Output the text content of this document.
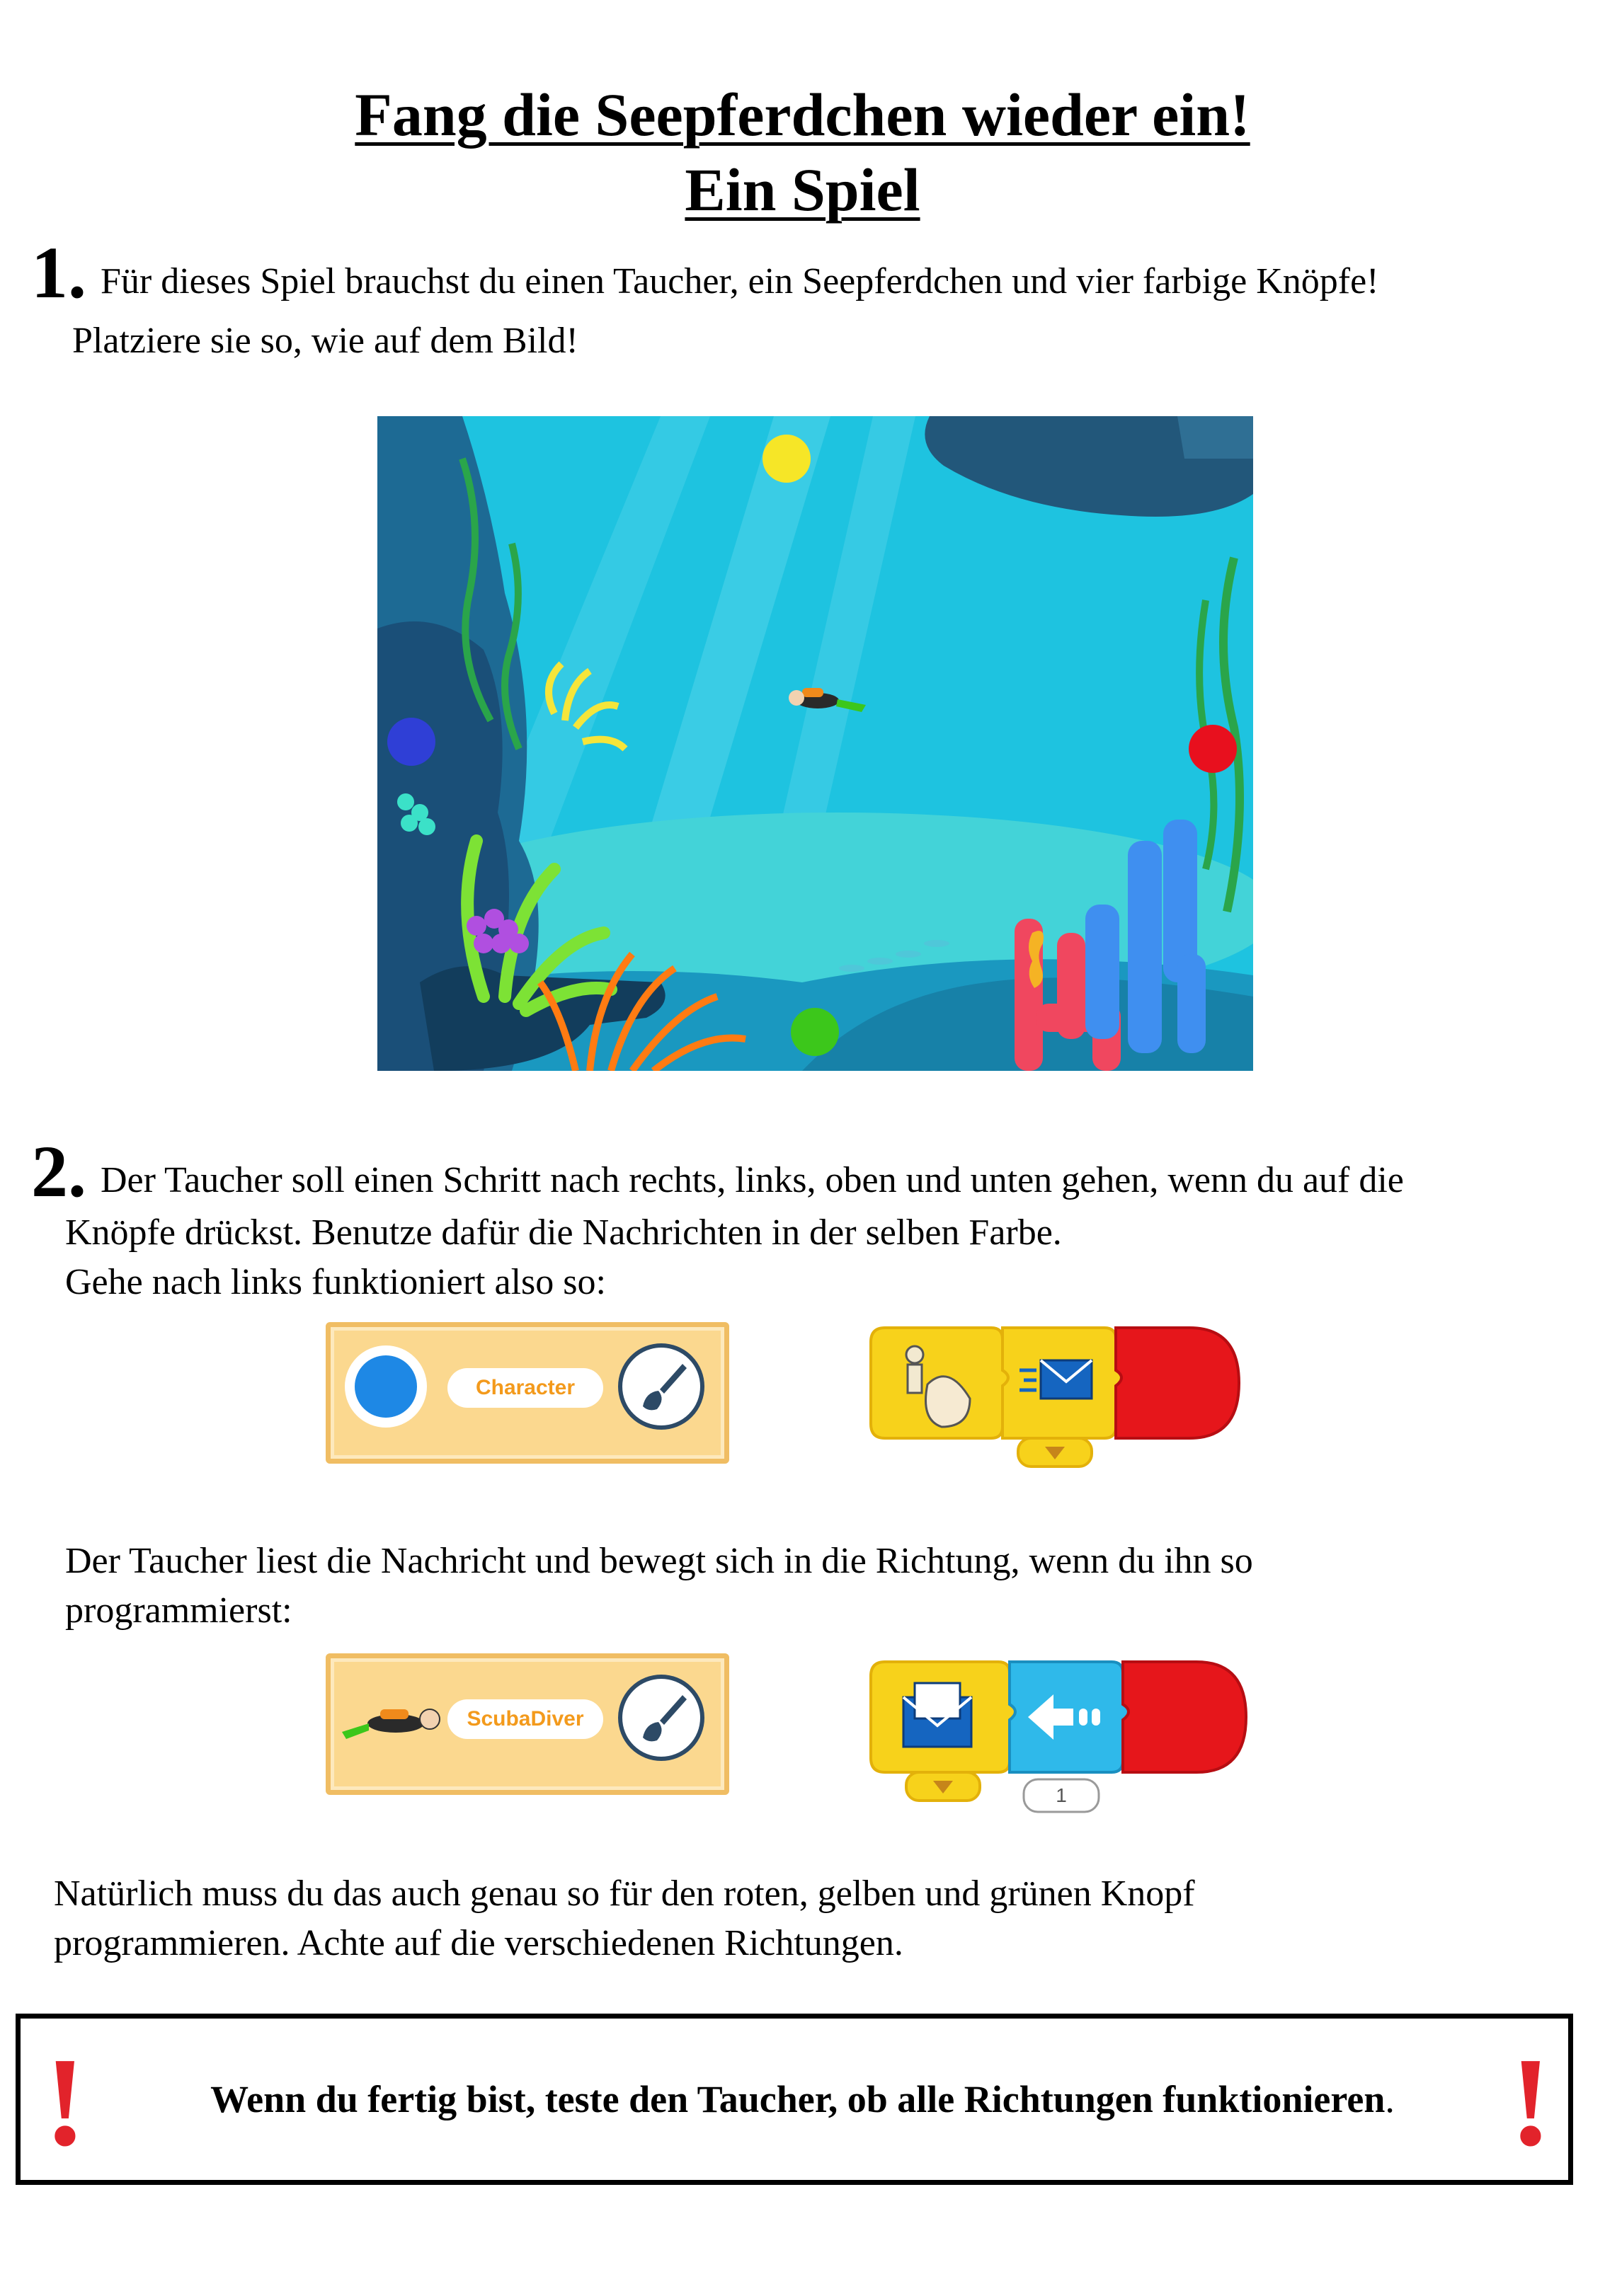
Fang die Seepferdchen wieder ein!
Ein Spiel
1. Für dieses Spiel brauchst du einen Taucher, ein Seepferdchen und vier farbige Knöpfe!
Platziere sie so, wie auf dem Bild!
2. Der Taucher soll einen Schritt nach rechts, links, oben und unten gehen, wenn du auf die
Knöpfe drückst. Benutze dafür die Nachrichten in der selben Farbe.
Gehe nach links funktioniert also so:
Character
Der Taucher liest die Nachricht und bewegt sich in die Richtung, wenn du ihn so
programmierst:
ScubaDiver
1
Natürlich muss du das auch genau so für den roten, gelben und grünen Knopf
programmieren. Achte auf die verschiedenen Richtungen.
!	!
Wenn du fertig bist, teste den Taucher, ob alle Richtungen funktionieren.
